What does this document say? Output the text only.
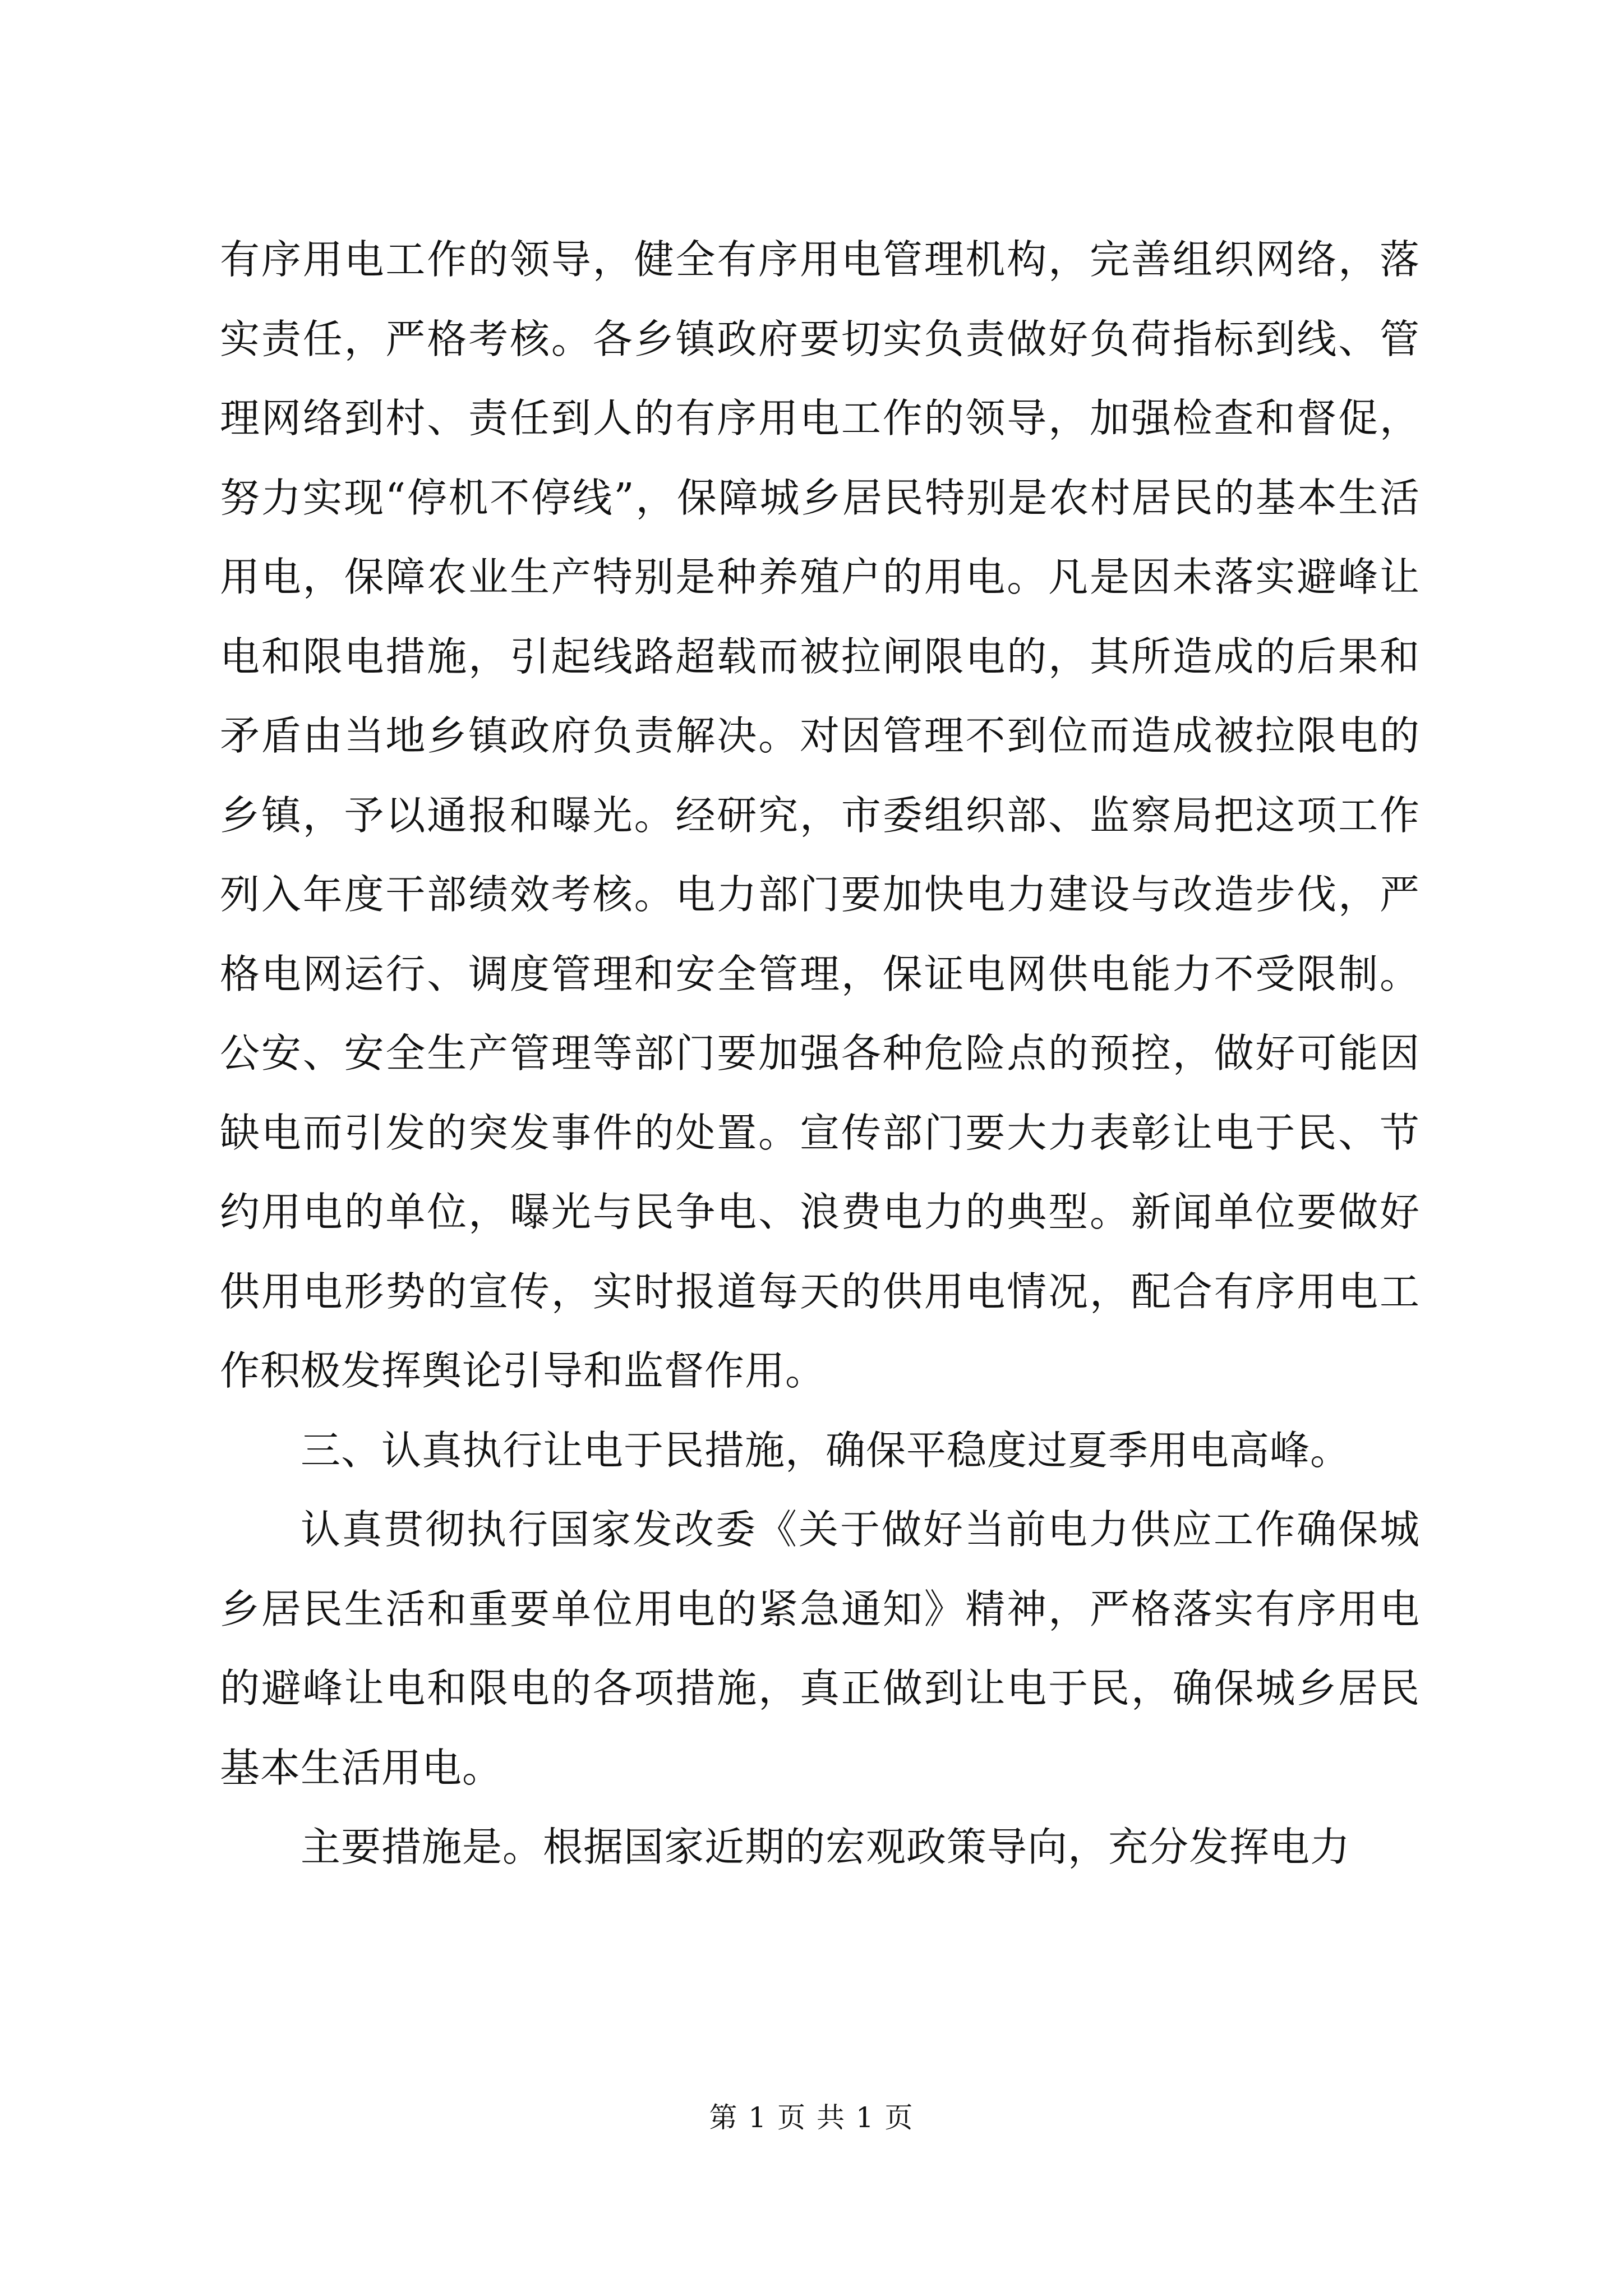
有序用电工作的领导，健全有序用电管理机构，完善组织网络，落实责任，严格考核。各乡镇政府要切实负责做好负荷指标到线、管理网络到村、责任到人的有序用电工作的领导，加强检查和督促，努力实现“停机不停线”，保障城乡居民特别是农村居民的基本生活用电，保障农业生产特别是种养殖户的用电。凡是因未落实避峰让电和限电措施，引起线路超载而被拉闸限电的，其所造成的后果和矛盾由当地乡镇政府负责解决。对因管理不到位而造成被拉限电的乡镇，予以通报和曝光。经研究，市委组织部、监察局把这项工作列入年度干部绩效考核。电力部门要加快电力建设与改造步伐，严格电网运行、调度管理和安全管理，保证电网供电能力不受限制。公安、安全生产管理等部门要加强各种危险点的预控，做好可能因缺电而引发的突发事件的处置。宣传部门要大力表彰让电于民、节约用电的单位，曝光与民争电、浪费电力的典型。新闻单位要做好供用电形势的宣传，实时报道每天的供用电情况，配合有序用电工作积极发挥舆论引导和监督作用。

三、认真执行让电于民措施，确保平稳度过夏季用电高峰。

认真贯彻执行国家发改委《关于做好当前电力供应工作确保城乡居民生活和重要单位用电的紧急通知》精神，严格落实有序用电的避峰让电和限电的各项措施，真正做到让电于民，确保城乡居民基本生活用电。

主要措施是。根据国家近期的宏观政策导向，充分发挥电力

第 1 页 共 1 页
